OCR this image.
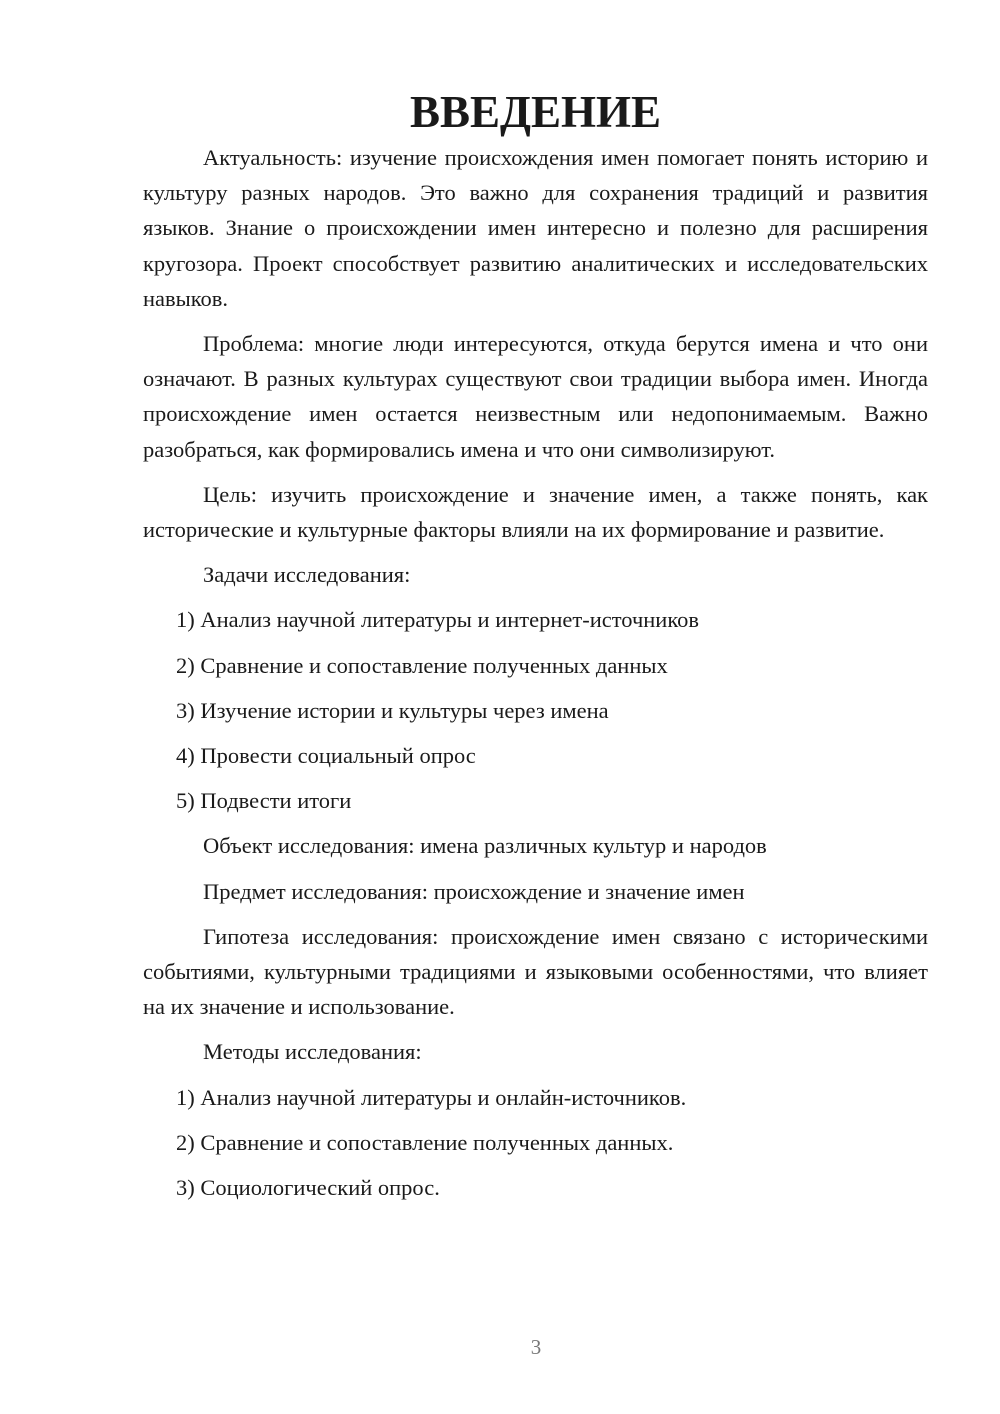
ВВЕДЕНИЕ

Актуальность: изучение происхождения имен помогает понять историю и культуру разных народов. Это важно для сохранения традиций и развития языков. Знание о происхождении имен интересно и полезно для расширения кругозора. Проект способствует развитию аналитических и исследовательских навыков.

Проблема: многие люди интересуются, откуда берутся имена и что они означают. В разных культурах существуют свои традиции выбора имен. Иногда происхождение имен остается неизвестным или недопонимаемым. Важно разобраться, как формировались имена и что они символизируют.

Цель: изучить происхождение и значение имен, а также понять, как исторические и культурные факторы влияли на их формирование и развитие.

Задачи исследования:

1) Анализ научной литературы и интернет-источников

2) Сравнение и сопоставление полученных данных

3) Изучение истории и культуры через имена

4) Провести социальный опрос

5) Подвести итоги

Объект исследования: имена различных культур и народов

Предмет исследования: происхождение и значение имен

Гипотеза исследования: происхождение имен связано с историческими событиями, культурными традициями и языковыми особенностями, что влияет на их значение и использование.

Методы исследования:

1) Анализ научной литературы и онлайн-источников.

2) Сравнение и сопоставление полученных данных.

3) Социологический опрос.

3
